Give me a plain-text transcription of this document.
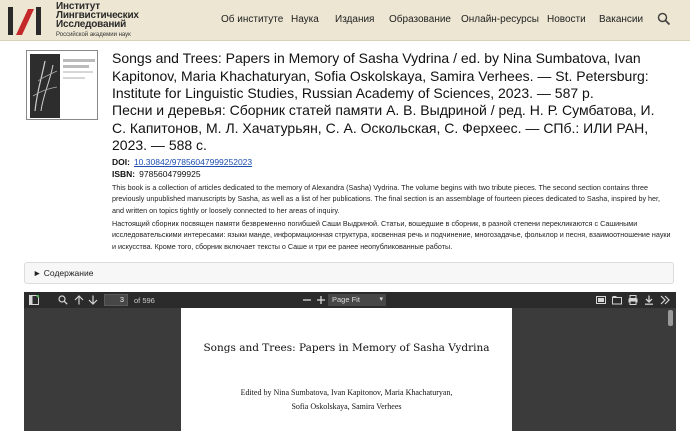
Институт
Лингвистических
Исследований
Российской академии наук
Об институте Наука Издания Образование Онлайн-ресурсы Новости Вакансии
Songs and Trees: Papers in Memory of Sasha Vydrina / ed. by Nina Sumbatova, Ivan Kapitonov, Maria Khachaturyan, Sofia Oskolskaya, Samira Verhees. — St. Petersburg: Institute for Linguistic Studies, Russian Academy of Sciences, 2023. — 587 p.
Песни и деревья: Сборник статей памяти А. В. Выдриной / ред. Н. Р. Сумбатова, И. С. Капитонов, М. Л. Хачатурьян, С. А. Оскольская, С. Ферхеес. — СПб.: ИЛИ РАН, 2023. — 588 с.
DOI: 10.30842/97856047999252023
ISBN: 9785604799925
This book is a collection of articles dedicated to the memory of Alexandra (Sasha) Vydrina. The volume begins with two tribute pieces. The second section contains three previously unpublished manuscripts by Sasha, as well as a list of her publications. The final section is an assemblage of fourteen pieces dedicated to Sasha, inspired by her, and written on topics tightly or loosely connected to her areas of inquiry.
Настоящий сборник посвящен памяти безвременно погибшей Саши Выдриной. Статьи, вошедшие в сборник, в разной степени перекликаются с Сашиными исследовательскими интересами: языки манде, информационная структура, косвенная речь и подчинение, многозадачье, фольклор и песня, взаимоотношение науки и искусства. Кроме того, сборник включает тексты о Саше и три ее ранее неопубликованные работы.
► Содержание
3	of 596	Page Fit	▾
Songs and Trees: Papers in Memory of Sasha Vydrina
Edited by Nina Sumbatova, Ivan Kapitonov, Maria Khachaturyan,
Sofia Oskolskaya, Samira Verhees
